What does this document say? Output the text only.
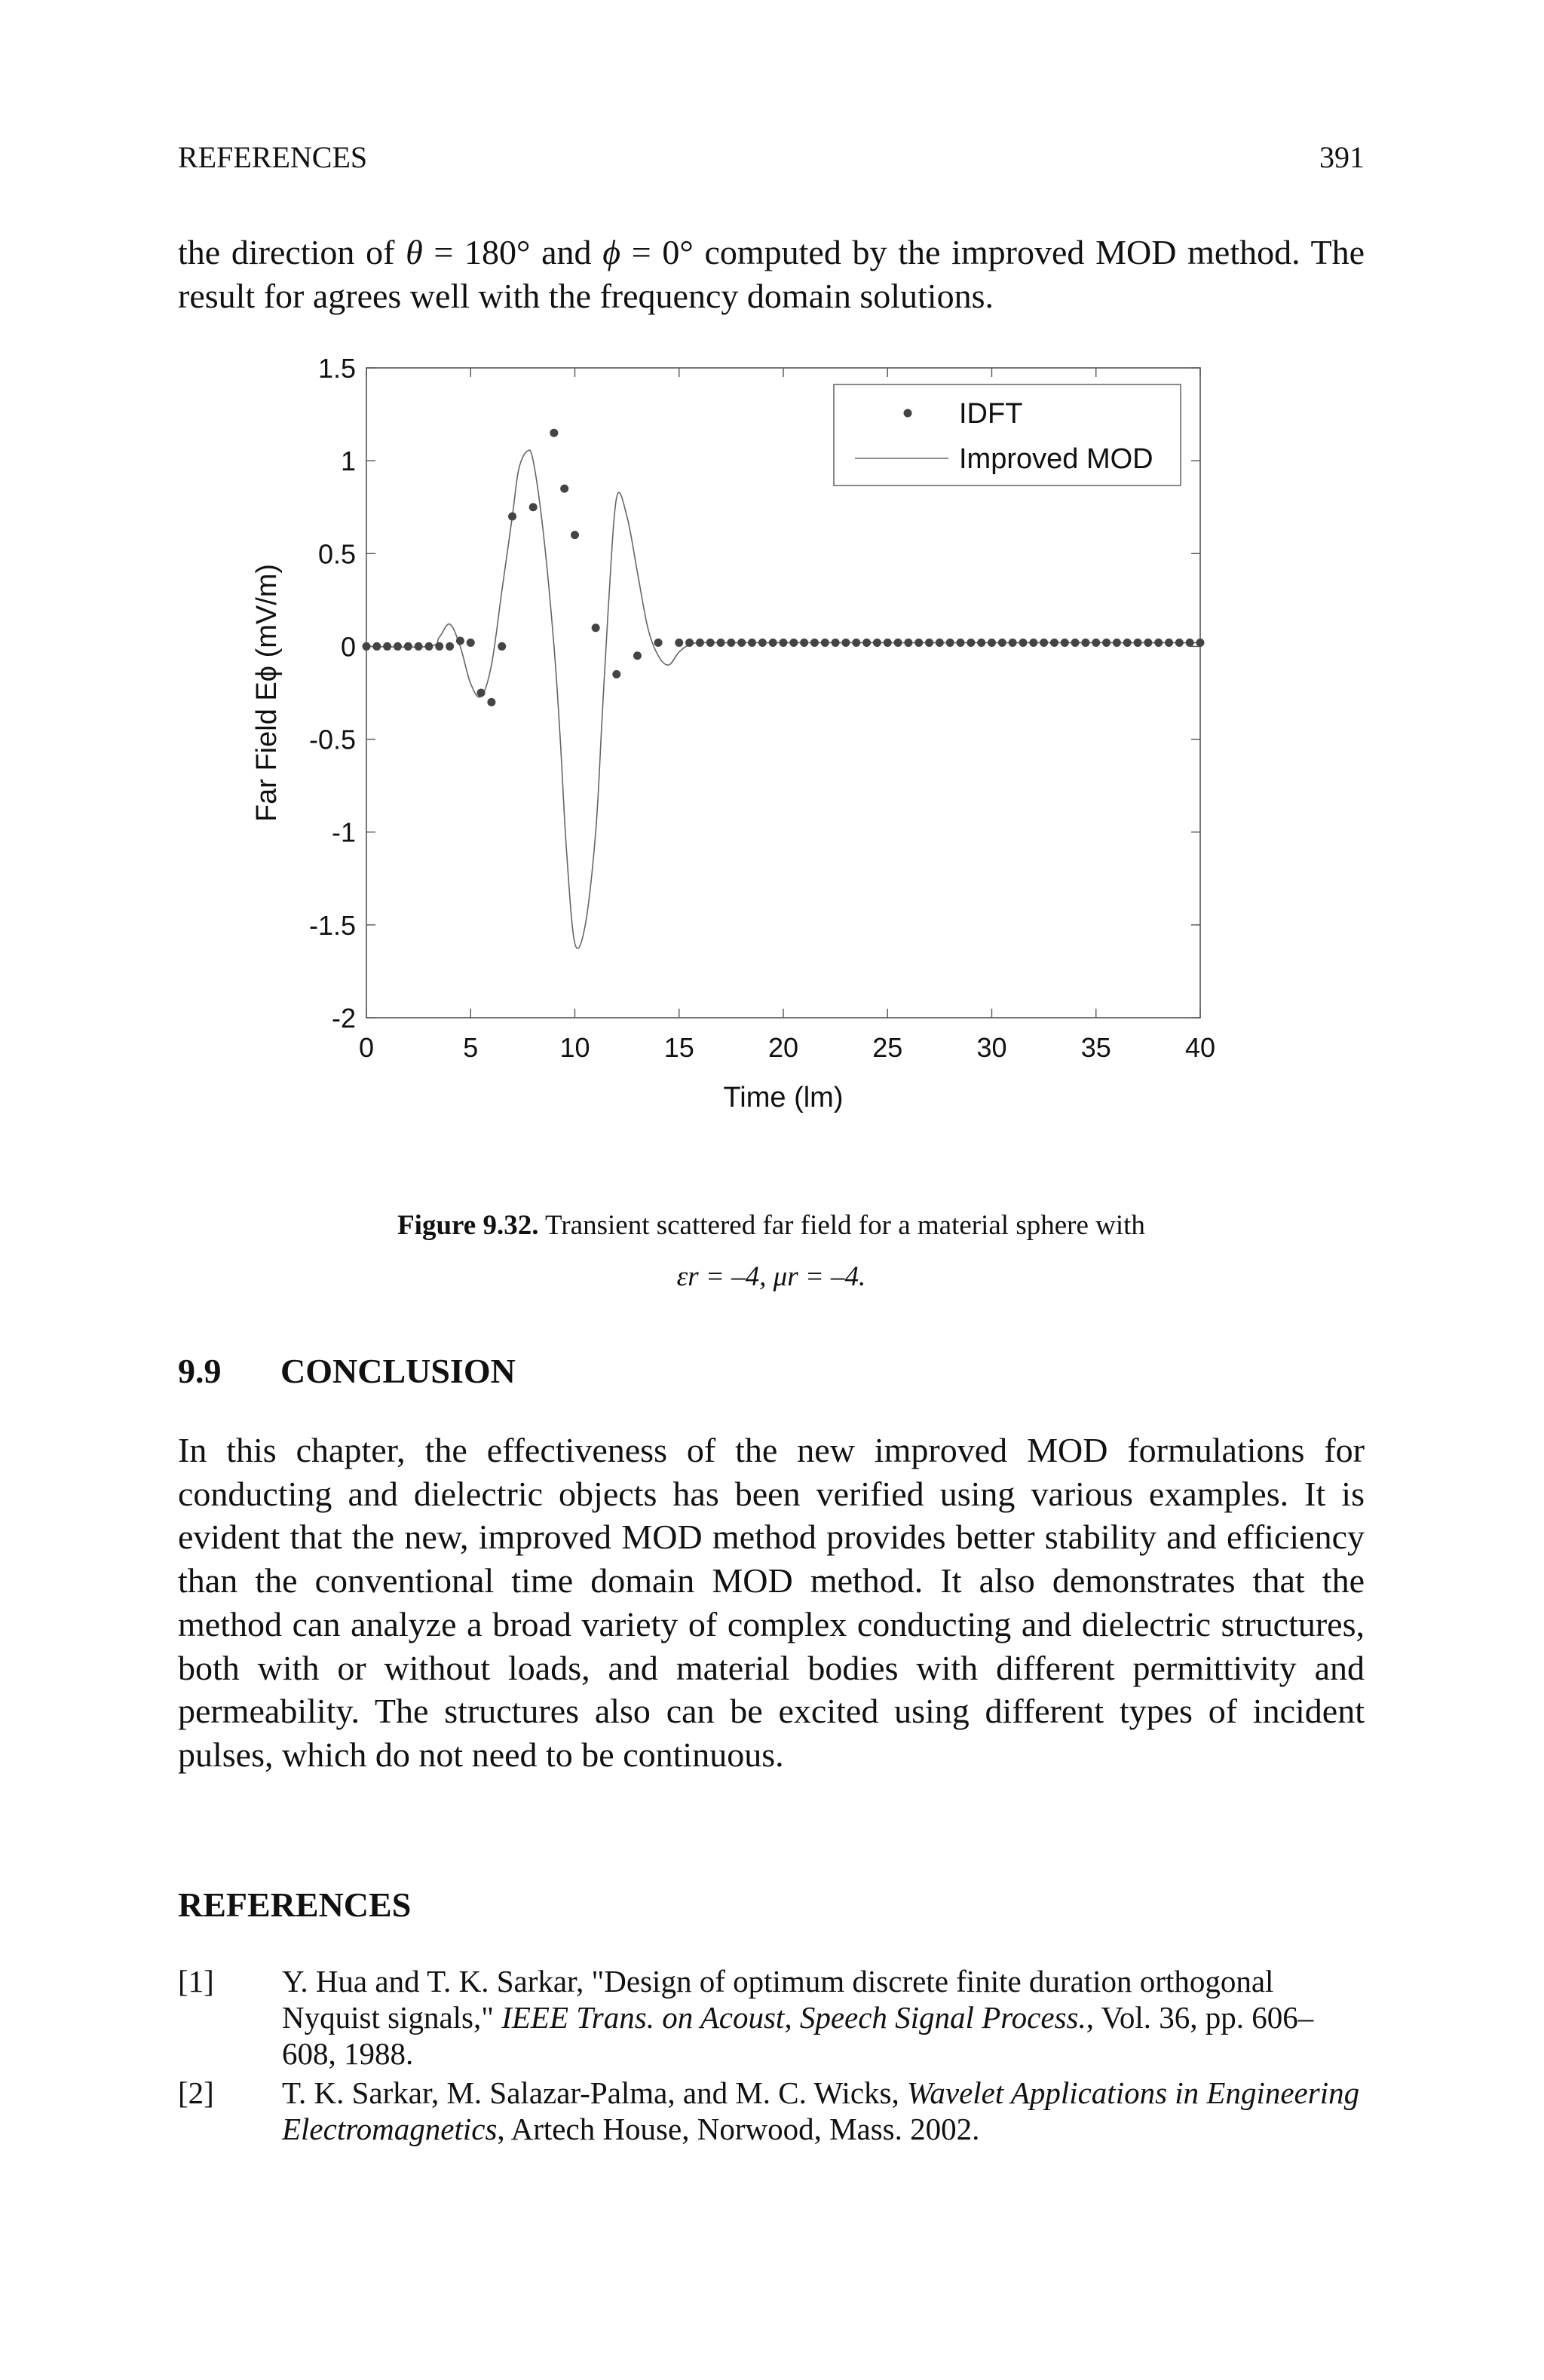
REFERENCES	391
the direction of θ = 180° and ϕ = 0° computed by the improved MOD method. The result for agrees well with the frequency domain solutions.
0	5	10	15	20	25	30	35	40
1.5
1
0.5
0
-0.5
-1
-1.5
-2
Time (lm)
Far Field Eϕ (mV/m)
IDFT
Improved MOD
Figure 9.32. Transient scattered far field for a material sphere with
εr = –4, μr = –4.
9.9 CONCLUSION
In this chapter, the effectiveness of the new improved MOD formulations for conducting and dielectric objects has been verified using various examples. It is evident that the new, improved MOD method provides better stability and efficiency than the conventional time domain MOD method. It also demonstrates that the method can analyze a broad variety of complex conducting and dielectric structures, both with or without loads, and material bodies with different permittivity and permeability. The structures also can be excited using different types of incident pulses, which do not need to be continuous.
REFERENCES
[1] Y. Hua and T. K. Sarkar, "Design of optimum discrete finite duration orthogonal Nyquist signals," IEEE Trans. on Acoust, Speech Signal Process., Vol. 36, pp. 606–608, 1988.
[2] T. K. Sarkar, M. Salazar-Palma, and M. C. Wicks, Wavelet Applications in Engineering Electromagnetics, Artech House, Norwood, Mass. 2002.
